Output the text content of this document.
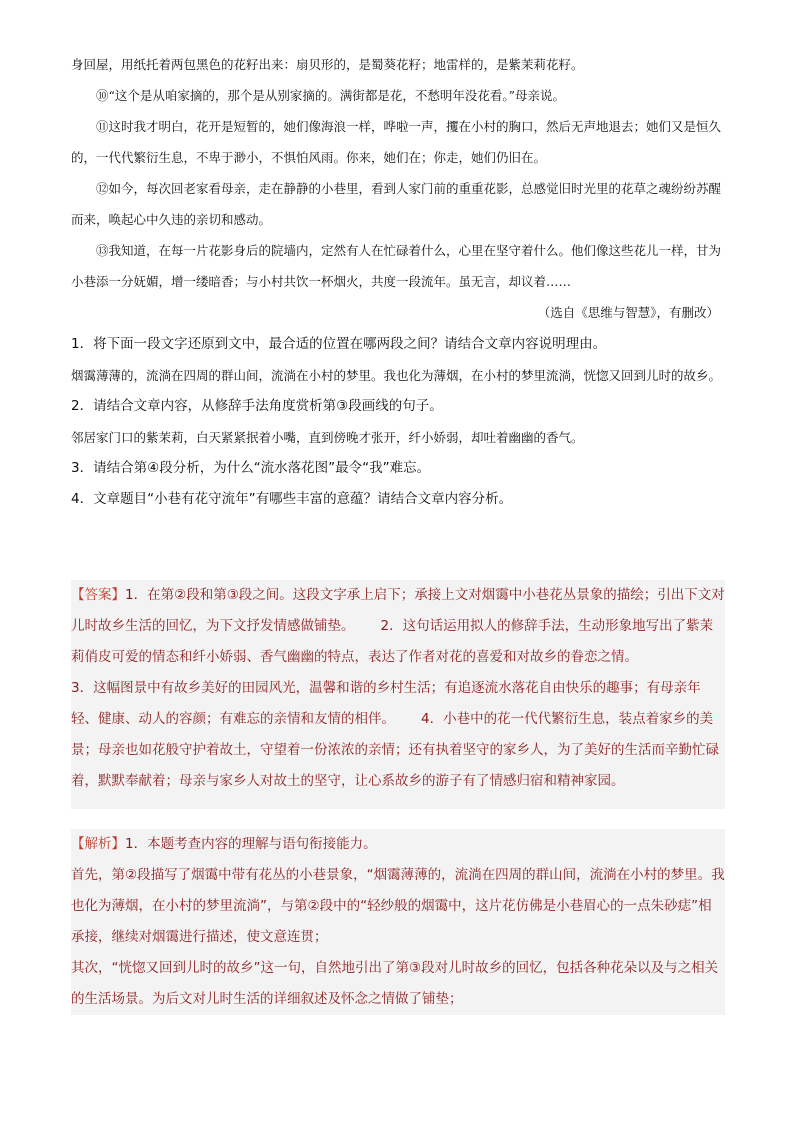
身回屋，用纸托着两包黑色的花籽出来：扇贝形的，是蜀葵花籽；地雷样的，是紫茉莉花籽。

⑩“这个是从咱家摘的，那个是从别家摘的。满街都是花，不愁明年没花看。”母亲说。

⑪这时我才明白，花开是短暂的，她们像海浪一样，哗啦一声，攫在小村的胸口，然后无声地退去；她们又是恒久的，一代代繁衍生息，不卑于渺小，不惧怕风雨。你来，她们在；你走，她们仍旧在。

⑫如今，每次回老家看母亲，走在静静的小巷里，看到人家门前的重重花影，总感觉旧时光里的花草之魂纷纷苏醒而来，唤起心中久违的亲切和感动。

⑬我知道，在每一片花影身后的院墙内，定然有人在忙碌着什么，心里在坚守着什么。他们像这些花儿一样，甘为小巷添一分妩媚，增一缕暗香；与小村共饮一杯烟火，共度一段流年。虽无言，却议着……

（选自《思维与智慧》，有删改）

1．将下面一段文字还原到文中，最合适的位置在哪两段之间？请结合文章内容说明理由。

烟霭薄薄的，流淌在四周的群山间，流淌在小村的梦里。我也化为薄烟，在小村的梦里流淌，恍惚又回到儿时的故乡。

2．请结合文章内容，从修辞手法角度赏析第③段画线的句子。

邻居家门口的紫茉莉，白天紧紧抿着小嘴，直到傍晚才张开，纤小娇弱，却吐着幽幽的香气。

3．请结合第④段分析，为什么“流水落花图”最令“我”难忘。

4．文章题目“小巷有花守流年”有哪些丰富的意蕴？请结合文章内容分析。

【答案】1．在第②段和第③段之间。这段文字承上启下；承接上文对烟霭中小巷花丛景象的描绘；引出下文对儿时故乡生活的回忆，为下文抒发情感做铺垫。 2．这句话运用拟人的修辞手法，生动形象地写出了紫茉莉俏皮可爱的情态和纤小娇弱、香气幽幽的特点，表达了作者对花的喜爱和对故乡的眷恋之情。

3．这幅图景中有故乡美好的田园风光，温馨和谐的乡村生活；有追逐流水落花自由快乐的趣事；有母亲年轻、健康、动人的容颜；有难忘的亲情和友情的相伴。 4．小巷中的花一代代繁衍生息，装点着家乡的美景；母亲也如花般守护着故土，守望着一份浓浓的亲情；还有执着坚守的家乡人，为了美好的生活而辛勤忙碌着，默默奉献着；母亲与家乡人对故土的坚守，让心系故乡的游子有了情感归宿和精神家园。

【解析】1．本题考查内容的理解与语句衔接能力。

首先，第②段描写了烟霭中带有花丛的小巷景象，“烟霭薄薄的，流淌在四周的群山间，流淌在小村的梦里。我也化为薄烟，在小村的梦里流淌”，与第②段中的“轻纱般的烟霭中，这片花仿佛是小巷眉心的一点朱砂痣”相承接，继续对烟霭进行描述，使文意连贯；

其次，“恍惚又回到儿时的故乡”这一句，自然地引出了第③段对儿时故乡的回忆，包括各种花朵以及与之相关的生活场景。为后文对儿时生活的详细叙述及怀念之情做了铺垫；
